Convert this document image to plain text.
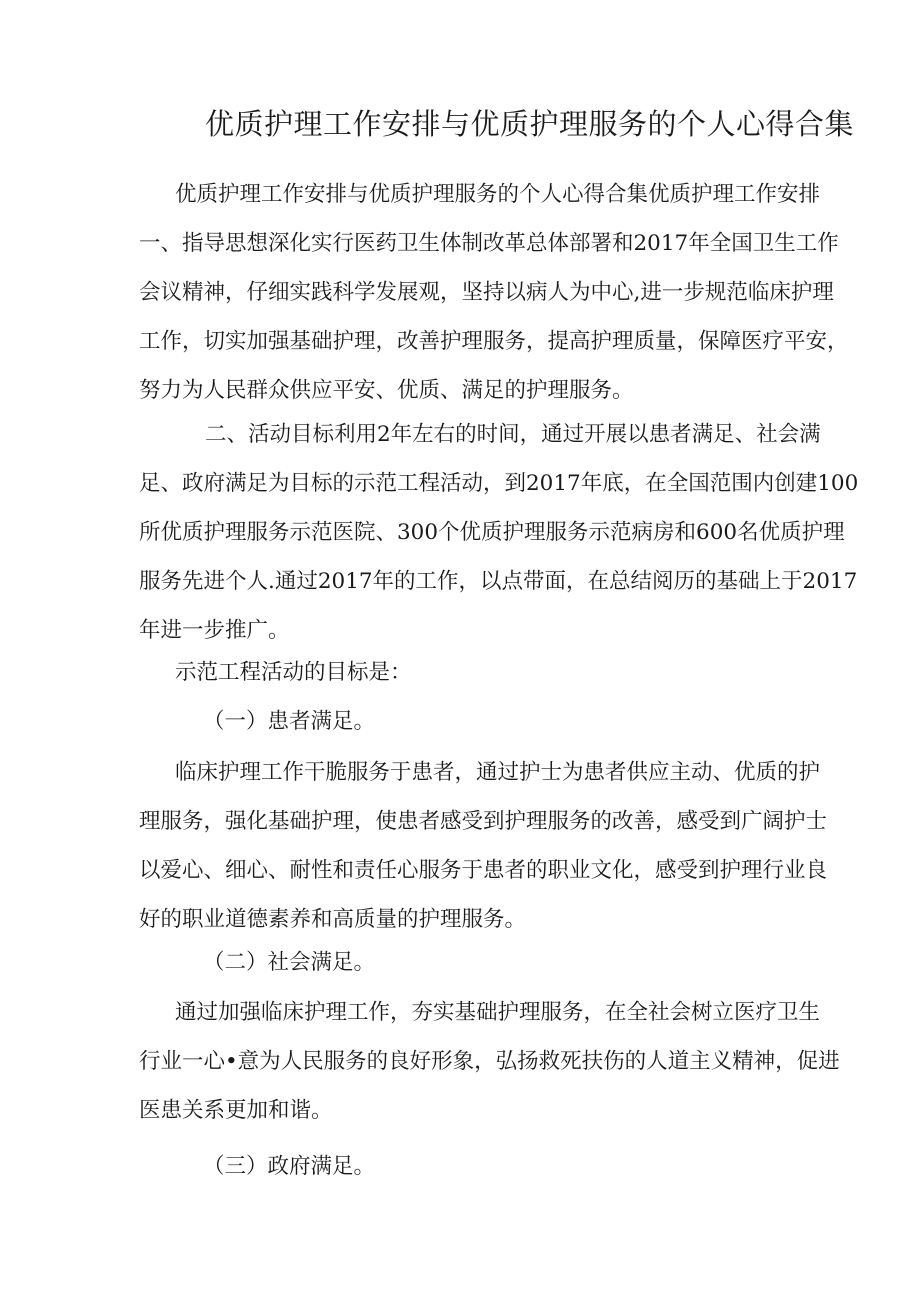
优质护理工作安排与优质护理服务的个人心得合集
优质护理工作安排与优质护理服务的个人心得合集优质护理工作安排
一、指导思想深化实行医药卫生体制改革总体部署和2017年全国卫生工作
会议精神，仔细实践科学发展观，坚持以病人为中心,进一步规范临床护理
工作，切实加强基础护理，改善护理服务，提高护理质量，保障医疗平安，
努力为人民群众供应平安、优质、满足的护理服务。
二、活动目标利用2年左右的时间，通过开展以患者满足、社会满
足、政府满足为目标的示范工程活动，到2017年底，在全国范围内创建100
所优质护理服务示范医院、300个优质护理服务示范病房和600名优质护理
服务先进个人.通过2017年的工作，以点带面，在总结阅历的基础上于2017
年进一步推广。

示范工程活动的目标是：

（一）患者满足。

临床护理工作干脆服务于患者，通过护士为患者供应主动、优质的护
理服务，强化基础护理，使患者感受到护理服务的改善，感受到广阔护士
以爱心、细心、耐性和责任心服务于患者的职业文化，感受到护理行业良
好的职业道德素养和高质量的护理服务。

（二）社会满足。

通过加强临床护理工作，夯实基础护理服务，在全社会树立医疗卫生
行业一心•意为人民服务的良好形象，弘扬救死扶伤的人道主义精神，促进
医患关系更加和谐。

（三）政府满足。
